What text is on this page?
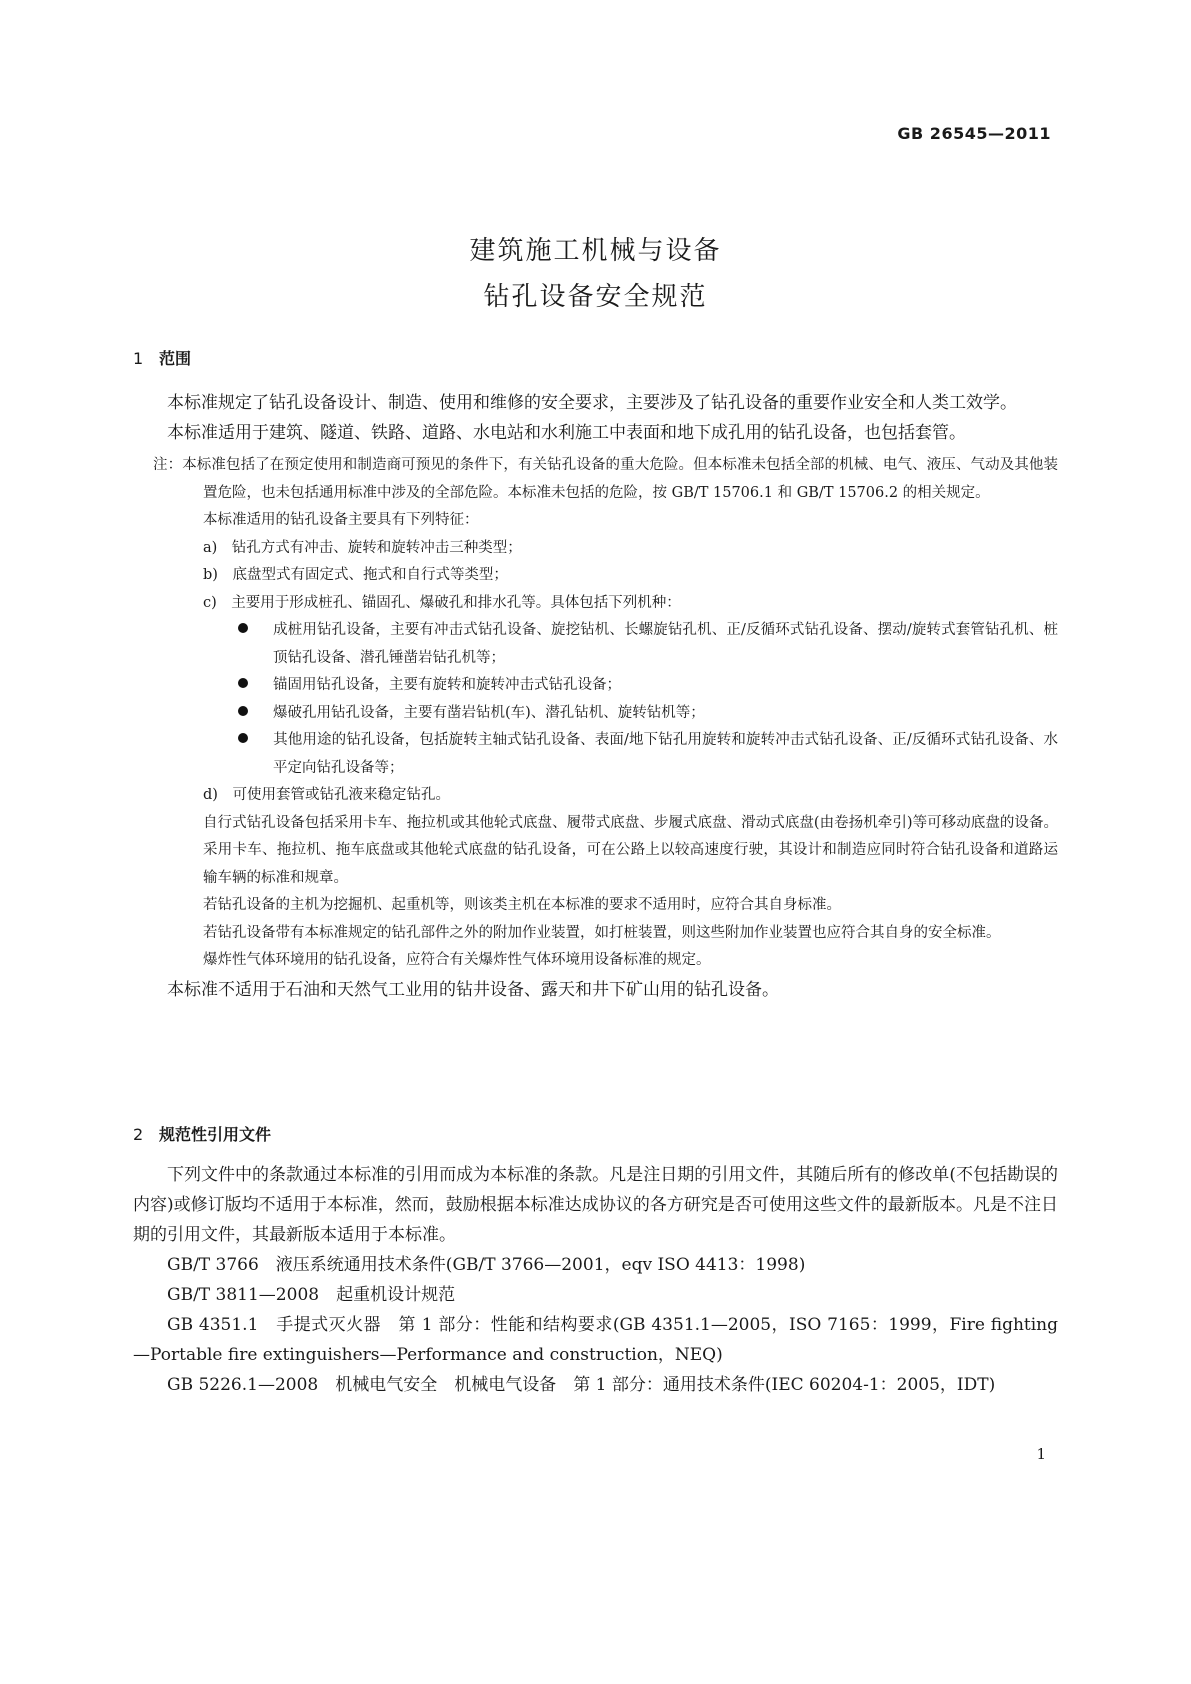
GB 26545—2011
建筑施工机械与设备
钻孔设备安全规范
1 范围

本标准规定了钻孔设备设计、制造、使用和维修的安全要求，主要涉及了钻孔设备的重要作业安全和人类工效学。

本标准适用于建筑、隧道、铁路、道路、水电站和水利施工中表面和地下成孔用的钻孔设备，也包括套管。

注：本标准包括了在预定使用和制造商可预见的条件下，有关钻孔设备的重大危险。但本标准未包括全部的机械、电气、液压、气动及其他装置危险，也未包括通用标准中涉及的全部危险。本标准未包括的危险，按 GB/T 15706.1 和 GB/T 15706.2 的相关规定。

本标准适用的钻孔设备主要具有下列特征：

a)　钻孔方式有冲击、旋转和旋转冲击三种类型；

b)　底盘型式有固定式、拖式和自行式等类型；

c)　主要用于形成桩孔、锚固孔、爆破孔和排水孔等。具体包括下列机种：

成桩用钻孔设备，主要有冲击式钻孔设备、旋挖钻机、长螺旋钻孔机、正/反循环式钻孔设备、摆动/旋转式套管钻孔机、桩顶钻孔设备、潜孔锤凿岩钻孔机等；

锚固用钻孔设备，主要有旋转和旋转冲击式钻孔设备；

爆破孔用钻孔设备，主要有凿岩钻机(车)、潜孔钻机、旋转钻机等；

其他用途的钻孔设备，包括旋转主轴式钻孔设备、表面/地下钻孔用旋转和旋转冲击式钻孔设备、正/反循环式钻孔设备、水平定向钻孔设备等；

d)　可使用套管或钻孔液来稳定钻孔。

自行式钻孔设备包括采用卡车、拖拉机或其他轮式底盘、履带式底盘、步履式底盘、滑动式底盘(由卷扬机牵引)等可移动底盘的设备。采用卡车、拖拉机、拖车底盘或其他轮式底盘的钻孔设备，可在公路上以较高速度行驶，其设计和制造应同时符合钻孔设备和道路运输车辆的标准和规章。

若钻孔设备的主机为挖掘机、起重机等，则该类主机在本标准的要求不适用时，应符合其自身标准。

若钻孔设备带有本标准规定的钻孔部件之外的附加作业装置，如打桩装置，则这些附加作业装置也应符合其自身的安全标准。

爆炸性气体环境用的钻孔设备，应符合有关爆炸性气体环境用设备标准的规定。

本标准不适用于石油和天然气工业用的钻井设备、露天和井下矿山用的钻孔设备。

2 规范性引用文件

下列文件中的条款通过本标准的引用而成为本标准的条款。凡是注日期的引用文件，其随后所有的修改单(不包括勘误的内容)或修订版均不适用于本标准，然而，鼓励根据本标准达成协议的各方研究是否可使用这些文件的最新版本。凡是不注日期的引用文件，其最新版本适用于本标准。

GB/T 3766　液压系统通用技术条件(GB/T 3766—2001，eqv ISO 4413：1998)

GB/T 3811—2008　起重机设计规范

GB 4351.1　手提式灭火器　第 1 部分：性能和结构要求(GB 4351.1—2005，ISO 7165：1999，Fire fighting—Portable fire extinguishers—Performance and construction，NEQ)

GB 5226.1—2008　机械电气安全　机械电气设备　第 1 部分：通用技术条件(IEC 60204-1：2005，IDT)

1
